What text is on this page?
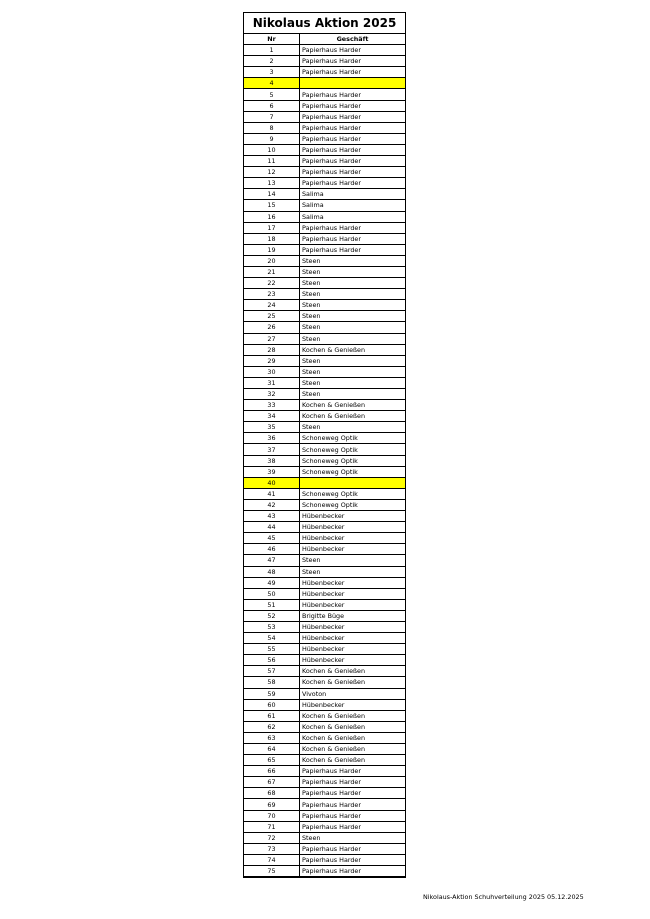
Nikolaus Aktion 2025
Nr	Geschäft
1	Papierhaus Harder
2	Papierhaus Harder
3	Papierhaus Harder
4	
5	Papierhaus Harder
6	Papierhaus Harder
7	Papierhaus Harder
8	Papierhaus Harder
9	Papierhaus Harder
10	Papierhaus Harder
11	Papierhaus Harder
12	Papierhaus Harder
13	Papierhaus Harder
14	Salima
15	Salima
16	Salima
17	Papierhaus Harder
18	Papierhaus Harder
19	Papierhaus Harder
20	Steen
21	Steen
22	Steen
23	Steen
24	Steen
25	Steen
26	Steen
27	Steen
28	Kochen & Genießen
29	Steen
30	Steen
31	Steen
32	Steen
33	Kochen & Genießen
34	Kochen & Genießen
35	Steen
36	Schoneweg Optik
37	Schoneweg Optik
38	Schoneweg Optik
39	Schoneweg Optik
40	
41	Schoneweg Optik
42	Schoneweg Optik
43	Hübenbecker
44	Hübenbecker
45	Hübenbecker
46	Hübenbecker
47	Steen
48	Steen
49	Hübenbecker
50	Hübenbecker
51	Hübenbecker
52	Brigitte Büge
53	Hübenbecker
54	Hübenbecker
55	Hübenbecker
56	Hübenbecker
57	Kochen & Genießen
58	Kochen & Genießen
59	Vivoton
60	Hübenbecker
61	Kochen & Genießen
62	Kochen & Genießen
63	Kochen & Genießen
64	Kochen & Genießen
65	Kochen & Genießen
66	Papierhaus Harder
67	Papierhaus Harder
68	Papierhaus Harder
69	Papierhaus Harder
70	Papierhaus Harder
71	Papierhaus Harder
72	Steen
73	Papierhaus Harder
74	Papierhaus Harder
75	Papierhaus Harder
Nikolaus-Aktion Schuhverteilung 2025 05.12.2025
